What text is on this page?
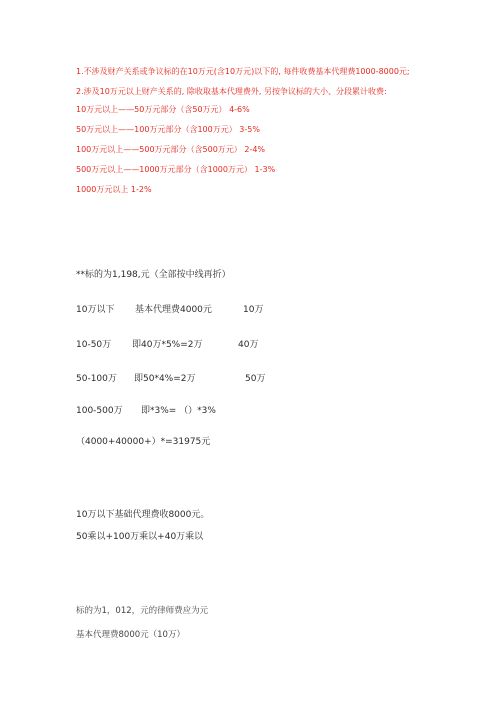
1.不涉及财产关系或争议标的在10万元(含10万元)以下的, 每件收费基本代理费1000-8000元;

2.涉及10万元以上财产关系的, 除收取基本代理费外, 另按争议标的大小、分段累计收费:

10万元以上——50万元部分（含50万元） 4-6%

50万元以上——100万元部分（含100万元） 3-5%

100万元以上——500万元部分（含500万元） 2-4%

500万元以上——1000万元部分（含1000万元） 1-3%

1000万元以上 1-2%

**标的为1,198,元（全部按中线再折）
10万以下 基本代理费4000元	10万
10-50万 即40万*5%=2万	40万
50-100万 即50*4%=2万	50万
100-500万 即*3%= （）*3%
（4000+40000+）*=31975元
10万以下基础代理费收8000元。
50乘以+100万乘以+40万乘以
标的为1，012，元的律师费应为元
基本代理费8000元（10万）
